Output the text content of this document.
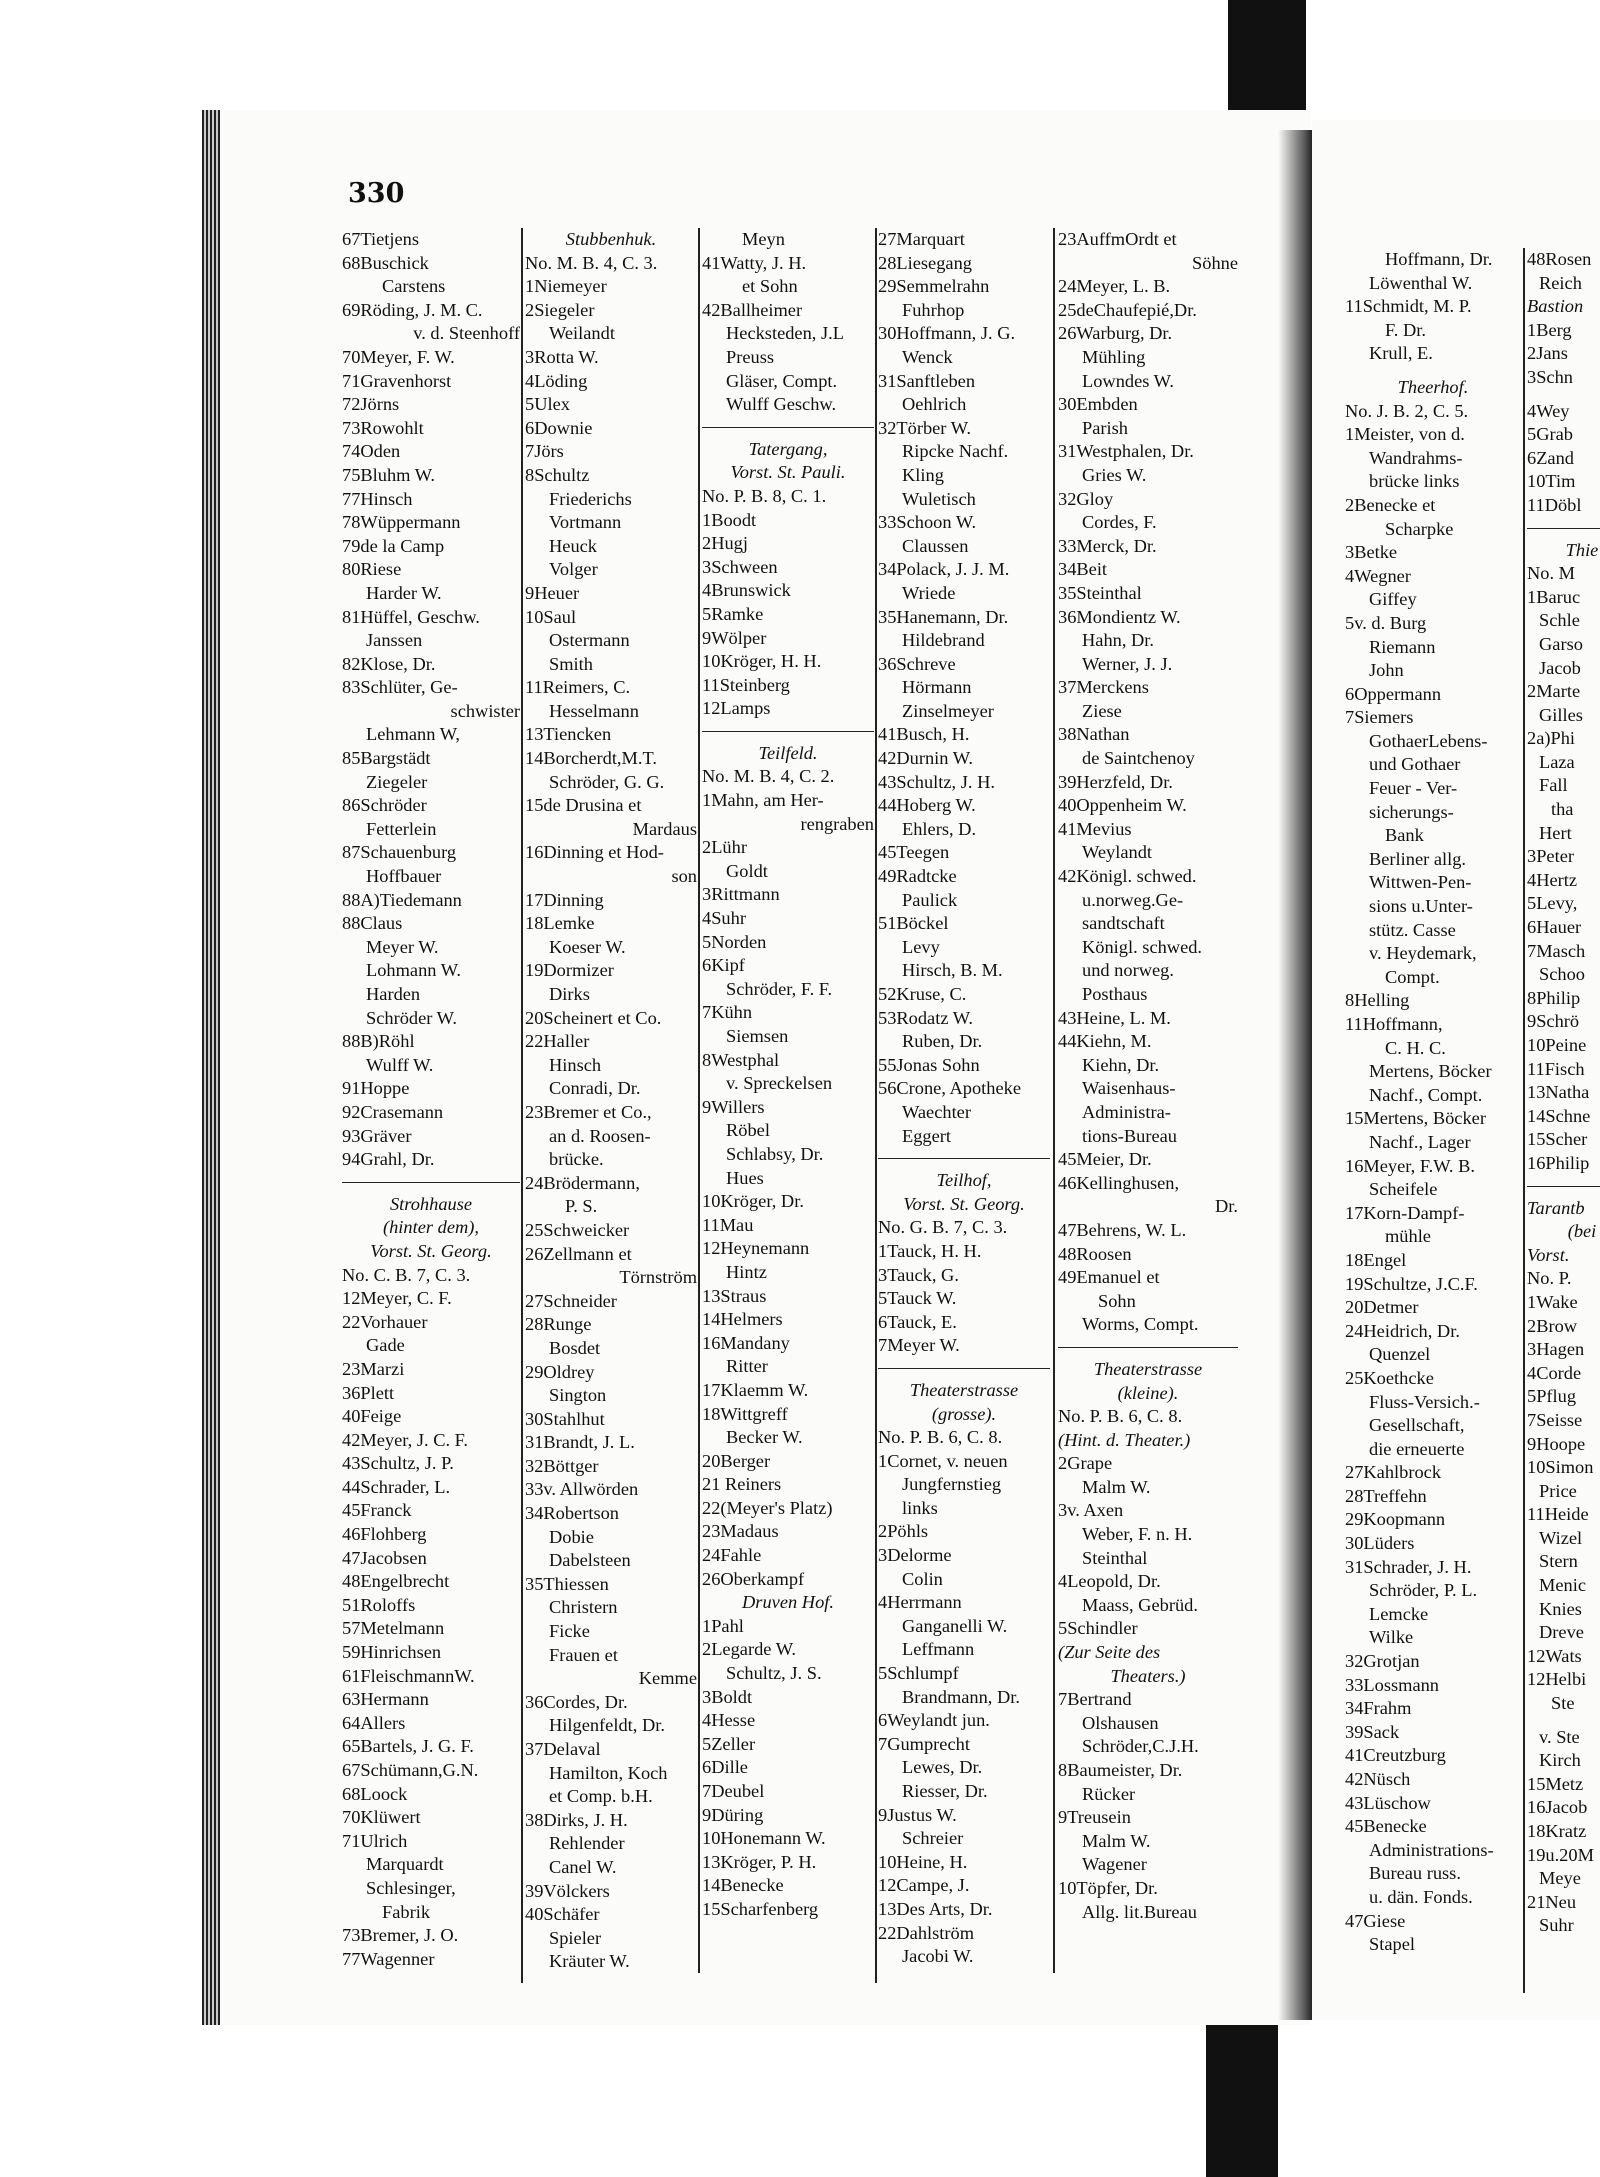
330
67Tietjens
68Buschick
Carstens
69Röding, J. M. C.
v. d. Steenhoff
70Meyer, F. W.
71Gravenhorst
72Jörns
73Rowohlt
74Oden
75Bluhm W.
77Hinsch
78Wüppermann
79de la Camp
80Riese
Harder W.
81Hüffel, Geschw.
Janssen
82Klose, Dr.
83Schlüter, Ge-
schwister
Lehmann W,
85Bargstädt
Ziegeler
86Schröder
Fetterlein
87Schauenburg
Hoffbauer
88A)Tiedemann
88Claus
Meyer W.
Lohmann W.
Harden
Schröder W.
88B)Röhl
Wulff W.
91Hoppe
92Crasemann
93Gräver
94Grahl, Dr.
Strohhause
(hinter dem),
Vorst. St. Georg.
No. C. B. 7, C. 3.
12Meyer, C. F.
22Vorhauer
Gade
23Marzi
36Plett
40Feige
42Meyer, J. C. F.
43Schultz, J. P.
44Schrader, L.
45Franck
46Flohberg
47Jacobsen
48Engelbrecht
51Roloffs
57Metelmann
59Hinrichsen
61FleischmannW.
63Hermann
64Allers
65Bartels, J. G. F.
67Schümann,G.N.
68Loock
70Klüwert
71Ulrich
Marquardt
Schlesinger,
Fabrik
73Bremer, J. O.
77Wagenner
Stubbenhuk.
No. M. B. 4, C. 3.
1Niemeyer
2Siegeler
Weilandt
3Rotta W.
4Löding
5Ulex
6Downie
7Jörs
8Schultz
Friederichs
Vortmann
Heuck
Volger
9Heuer
10Saul
Ostermann
Smith
11Reimers, C.
Hesselmann
13Tiencken
14Borcherdt,M.T.
Schröder, G. G.
15de Drusina et
Mardaus
16Dinning et Hod-
son
17Dinning
18Lemke
Koeser W.
19Dormizer
Dirks
20Scheinert et Co.
22Haller
Hinsch
Conradi, Dr.
23Bremer et Co.,
an d. Roosen-
brücke.
24Brödermann,
P. S.
25Schweicker
26Zellmann et
Törnström
27Schneider
28Runge
Bosdet
29Oldrey
Sington
30Stahlhut
31Brandt, J. L.
32Böttger
33v. Allwörden
34Robertson
Dobie
Dabelsteen
35Thiessen
Christern
Ficke
Frauen et
Kemme
36Cordes, Dr.
Hilgenfeldt, Dr.
37Delaval
Hamilton, Koch
et Comp. b.H.
38Dirks, J. H.
Rehlender
Canel W.
39Völckers
40Schäfer
Spieler
Kräuter W.
Meyn
41Watty, J. H.
et Sohn
42Ballheimer
Hecksteden, J.L
Preuss
Gläser, Compt.
Wulff Geschw.
Tatergang,
Vorst. St. Pauli.
No. P. B. 8, C. 1.
1Boodt
2Hugj
3Schween
4Brunswick
5Ramke
9Wölper
10Kröger, H. H.
11Steinberg
12Lamps
Teilfeld.
No. M. B. 4, C. 2.
1Mahn, am Her-
rengraben
2Lühr
Goldt
3Rittmann
4Suhr
5Norden
6Kipf
Schröder, F. F.
7Kühn
Siemsen
8Westphal
v. Spreckelsen
9Willers
Röbel
Schlabsy, Dr.
Hues
10Kröger, Dr.
11Mau
12Heynemann
Hintz
13Straus
14Helmers
16Mandany
Ritter
17Klaemm W.
18Wittgreff
Becker W.
20Berger
21 Reiners
22(Meyer's Platz)
23Madaus
24Fahle
26Oberkampf
Druven Hof.
1Pahl
2Legarde W.
Schultz, J. S.
3Boldt
4Hesse
5Zeller
6Dille
7Deubel
9Düring
10Honemann W.
13Kröger, P. H.
14Benecke
15Scharfenberg
27Marquart
28Liesegang
29Semmelrahn
Fuhrhop
30Hoffmann, J. G.
Wenck
31Sanftleben
Oehlrich
32Törber W.
Ripcke Nachf.
Kling
Wuletisch
33Schoon W.
Claussen
34Polack, J. J. M.
Wriede
35Hanemann, Dr.
Hildebrand
36Schreve
Hörmann
Zinselmeyer
41Busch, H.
42Durnin W.
43Schultz, J. H.
44Hoberg W.
Ehlers, D.
45Teegen
49Radtcke
Paulick
51Böckel
Levy
Hirsch, B. M.
52Kruse, C.
53Rodatz W.
Ruben, Dr.
55Jonas Sohn
56Crone, Apotheke
Waechter
Eggert
Teilhof,
Vorst. St. Georg.
No. G. B. 7, C. 3.
1Tauck, H. H.
3Tauck, G.
5Tauck W.
6Tauck, E.
7Meyer W.
Theaterstrasse
(grosse).
No. P. B. 6, C. 8.
1Cornet, v. neuen
Jungfernstieg
links
2Pöhls
3Delorme
Colin
4Herrmann
Ganganelli W.
Leffmann
5Schlumpf
Brandmann, Dr.
6Weylandt jun.
7Gumprecht
Lewes, Dr.
Riesser, Dr.
9Justus W.
Schreier
10Heine, H.
12Campe, J.
13Des Arts, Dr.
22Dahlström
Jacobi W.
23AuffmOrdt et
Söhne
24Meyer, L. B.
25deChaufepié,Dr.
26Warburg, Dr.
Mühling
Lowndes W.
30Embden
Parish
31Westphalen, Dr.
Gries W.
32Gloy
Cordes, F.
33Merck, Dr.
34Beit
35Steinthal
36Mondientz W.
Hahn, Dr.
Werner, J. J.
37Merckens
Ziese
38Nathan
de Saintchenoy
39Herzfeld, Dr.
40Oppenheim W.
41Mevius
Weylandt
42Königl. schwed.
u.norweg.Ge-
sandtschaft
Königl. schwed.
und norweg.
Posthaus
43Heine, L. M.
44Kiehn, M.
Kiehn, Dr.
Waisenhaus-
Administra-
tions-Bureau
45Meier, Dr.
46Kellinghusen,
Dr.
47Behrens, W. L.
48Roosen
49Emanuel et
Sohn
Worms, Compt.
Theaterstrasse
(kleine).
No. P. B. 6, C. 8.
(Hint. d. Theater.)
2Grape
Malm W.
3v. Axen
Weber, F. n. H.
Steinthal
4Leopold, Dr.
Maass, Gebrüd.
5Schindler
(Zur Seite des
Theaters.)
7Bertrand
Olshausen
Schröder,C.J.H.
8Baumeister, Dr.
Rücker
9Treusein
Malm W.
Wagener
10Töpfer, Dr.
Allg. lit.Bureau
Hoffmann, Dr.
Löwenthal W.
11Schmidt, M. P.
F. Dr.
Krull, E.
Theerhof.
No. J. B. 2, C. 5.
1Meister, von d.
Wandrahms-
brücke links
2Benecke et
Scharpke
3Betke
4Wegner
Giffey
5v. d. Burg
Riemann
John
6Oppermann
7Siemers
GothaerLebens-
und Gothaer
Feuer - Ver-
sicherungs-
Bank
Berliner allg.
Wittwen-Pen-
sions u.Unter-
stütz. Casse
v. Heydemark,
Compt.
8Helling
11Hoffmann,
C. H. C.
Mertens, Böcker
Nachf., Compt.
15Mertens, Böcker
Nachf., Lager
16Meyer, F.W. B.
Scheifele
17Korn-Dampf-
mühle
18Engel
19Schultze, J.C.F.
20Detmer
24Heidrich, Dr.
Quenzel
25Koethcke
Fluss-Versich.-
Gesellschaft,
die erneuerte
27Kahlbrock
28Treffehn
29Koopmann
30Lüders
31Schrader, J. H.
Schröder, P. L.
Lemcke
Wilke
32Grotjan
33Lossmann
34Frahm
39Sack
41Creutzburg
42Nüsch
43Lüschow
45Benecke
Administrations-
Bureau russ.
u. dän. Fonds.
47Giese
Stapel
48Rosen
Reich
Bastion
1Berg
2Jans
3Schn
4Wey
5Grab
6Zand
10Tim
11Döbl
Thie
No. M
1Baruc
Schle
Garso
Jacob
2Marte
Gilles
2a)Phi
Laza
Fall
tha
Hert
3Peter
4Hertz
5Levy,
6Hauer
7Masch
Schoo
8Philip
9Schrö
10Peine
11Fisch
13Natha
14Schne
15Scher
16Philip
Tarantb
(bei
Vorst.
No. P.
1Wake
2Brow
3Hagen
4Corde
5Pflug
7Seisse
9Hoope
10Simon
Price
11Heide
Wizel
Stern
Menic
Knies
Dreve
12Wats
12Helbi
Ste
v. Ste
Kirch
15Metz
16Jacob
18Kratz
19u.20M
Meye
21Neu
Suhr
